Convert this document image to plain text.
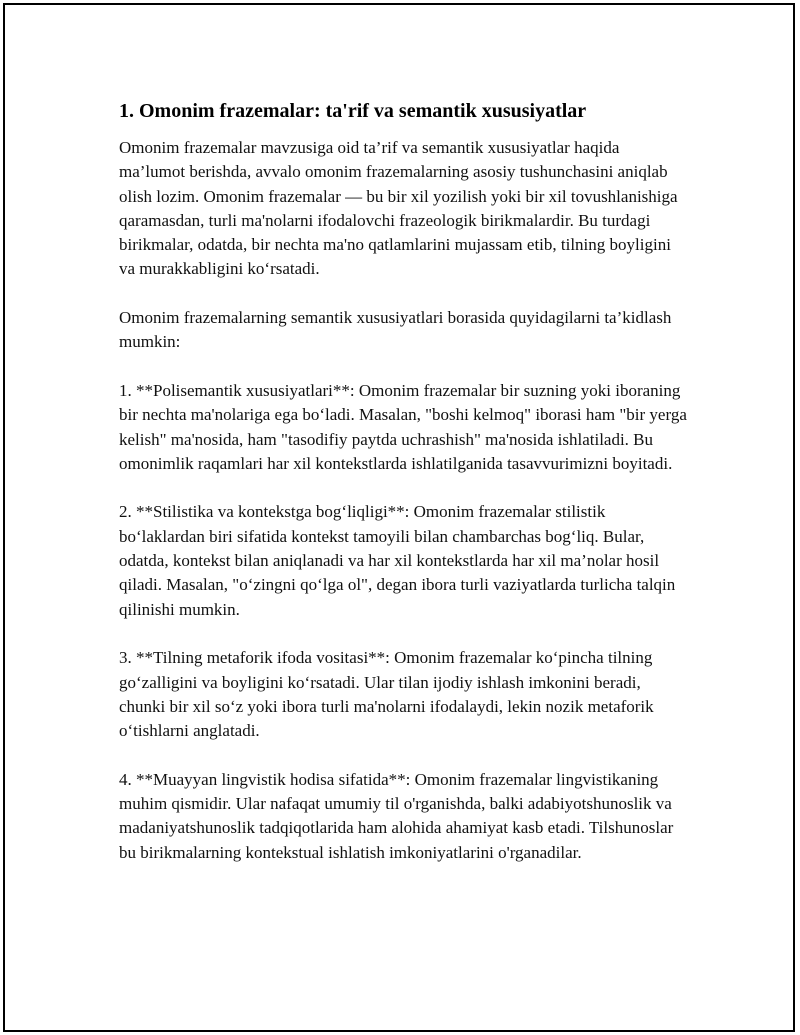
1. Omonim frazemalar: ta'rif va semantik xususiyatlar

Omonim frazemalar mavzusiga oid ta’rif va semantik xususiyatlar haqida ma’lumot berishda, avvalo omonim frazemalarning asosiy tushunchasini aniqlab olish lozim. Omonim frazemalar — bu bir xil yozilish yoki bir xil tovushlanishiga qaramasdan, turli ma'nolarni ifodalovchi frazeologik birikmalardir. Bu turdagi birikmalar, odatda, bir nechta ma'no qatlamlarini mujassam etib, tilning boyligini va murakkabligini ko‘rsatadi.

Omonim frazemalarning semantik xususiyatlari borasida quyidagilarni ta’kidlash mumkin:

1. **Polisemantik xususiyatlari**: Omonim frazemalar bir suzning yoki iboraning bir nechta ma'nolariga ega bo‘ladi. Masalan, "boshi kelmoq" iborasi ham "bir yerga kelish" ma'nosida, ham "tasodifiy paytda uchrashish" ma'nosida ishlatiladi. Bu omonimlik raqamlari har xil kontekstlarda ishlatilganida tasavvurimizni boyitadi.

2. **Stilistika va kontekstga bog‘liqligi**: Omonim frazemalar stilistik bo‘laklardan biri sifatida kontekst tamoyili bilan chambarchas bog‘liq. Bular, odatda, kontekst bilan aniqlanadi va har xil kontekstlarda har xil ma’nolar hosil qiladi. Masalan, "o‘zingni qo‘lga ol", degan ibora turli vaziyatlarda turlicha talqin qilinishi mumkin.

3. **Tilning metaforik ifoda vositasi**: Omonim frazemalar ko‘pincha tilning go‘zalligini va boyligini ko‘rsatadi. Ular tilan ijodiy ishlash imkonini beradi, chunki bir xil so‘z yoki ibora turli ma'nolarni ifodalaydi, lekin nozik metaforik o‘tishlarni anglatadi.

4. **Muayyan lingvistik hodisa sifatida**: Omonim frazemalar lingvistikaning muhim qismidir. Ular nafaqat umumiy til o'rganishda, balki adabiyotshunoslik va madaniyatshunoslik tadqiqotlarida ham alohida ahamiyat kasb etadi. Tilshunoslar bu birikmalarning kontekstual ishlatish imkoniyatlarini o'rganadilar.
